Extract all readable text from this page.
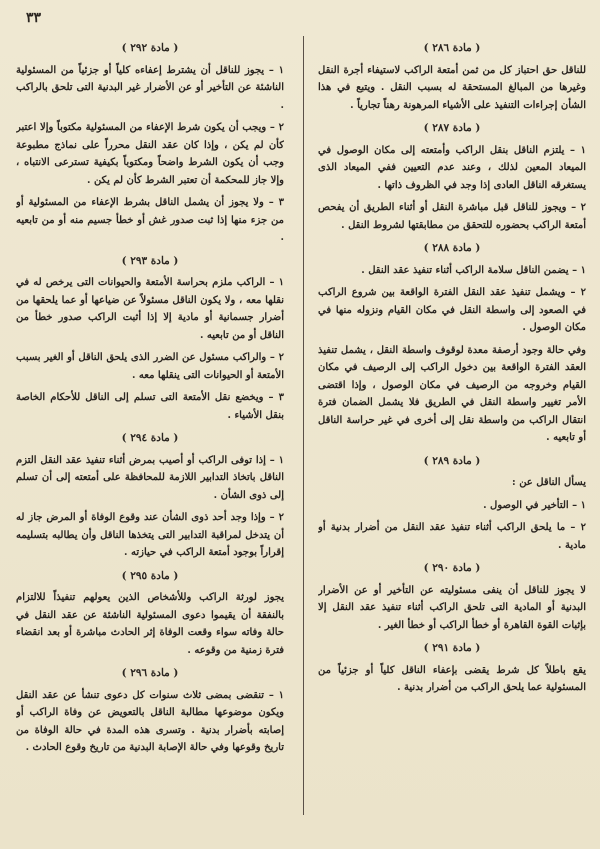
٣٣
( مادة ٢٨٦ )
للناقل حق احتباز كل من ثمن أمتعة الراكب لاستيفاء أجرة النقل وغيرها من المبالغ المستحقة له بسبب النقل . ويتبع في هذا الشأن إجراءات التنفيذ على الأشياء المرهونة رهناً تجارياً .
( مادة ٢٨٧ )
١ – يلتزم الناقل بنقل الراكب وأمتعته إلى مكان الوصول في الميعاد المعين لذلك ، وعند عدم التعيين ففي الميعاد الذى يستغرقه الناقل العادى إذا وجد في الظروف ذاتها .
٢ – ويجوز للناقل قبل مباشرة النقل أو أثناء الطريق أن يفحص أمتعة الراكب بحضوره للتحقق من مطابقتها لشروط النقل .
( مادة ٢٨٨ )
١ – يضمن الناقل سلامة الراكب أثناء تنفيذ عقد النقل .
٢ – ويشمل تنفيذ عقد النقل الفترة الواقعة بين شروع الراكب في الصعود إلى واسطة النقل في مكان القيام ونزوله منها في مكان الوصول .
وفي حالة وجود أرصفة معدة لوقوف واسطة النقل ، يشمل تنفيذ العقد الفترة الواقعة بين دخول الراكب إلى الرصيف في مكان القيام وخروجه من الرصيف في مكان الوصول ، وإذا اقتضى الأمر تغيير واسطة النقل في الطريق فلا يشمل الضمان فترة انتقال الراكب من واسطة نقل إلى أخرى في غير حراسة الناقل أو تابعيه .
( مادة ٢٨٩ )
يسأل الناقل عن :
١ – التأخير في الوصول .
٢ – ما يلحق الراكب أثناء تنفيذ عقد النقل من أضرار بدنية أو مادية .
( مادة ٢٩٠ )
لا يجوز للناقل أن ينفى مسئوليته عن التأخير أو عن الأضرار البدنية أو المادية التى تلحق الراكب أثناء تنفيذ عقد النقل إلا بإثبات القوة القاهرة أو خطأ الراكب أو خطأ الغير .
( مادة ٢٩١ )
يقع باطلاً كل شرط يقضى بإعفاء الناقل كلياً أو جزئياً من المسئولية عما يلحق الراكب من أضرار بدنية .
( مادة ٢٩٢ )
١ – يجوز للناقل أن يشترط إعفاءه كلياً أو جزئياً من المسئولية الناشئة عن التأخير أو عن الأضرار غير البدنية التى تلحق بالراكب .
٢ – ويجب أن يكون شرط الإعفاء من المسئولية مكتوباً وإلا اعتبر كأن لم يكن ، وإذا كان عقد النقل محرراً على نماذج مطبوعة وجب أن يكون الشرط واضحاً ومكتوباً بكيفية تسترعى الانتباه ، وإلا جاز للمحكمة أن تعتبر الشرط كأن لم يكن .
٣ – ولا يجوز أن يشمل الناقل بشرط الإعفاء من المسئولية أو من جزء منها إذا ثبت صدور غش أو خطأ جسيم منه أو من تابعيه .
( مادة ٢٩٣ )
١ – الراكب ملزم بحراسة الأمتعة والحيوانات التى يرخص له في نقلها معه ، ولا يكون الناقل مسئولاً عن ضياعها أو عما يلحقها من أضرار جسمانية أو مادية إلا إذا أثبت الراكب صدور خطأ من الناقل أو من تابعيه .
٢ – والراكب مسئول عن الضرر الذى يلحق الناقل أو الغير بسبب الأمتعة أو الحيوانات التى ينقلها معه .
٣ – ويخضع نقل الأمتعة التى تسلم إلى الناقل للأحكام الخاصة بنقل الأشياء .
( مادة ٢٩٤ )
١ – إذا توفى الراكب أو أصيب بمرض أثناء تنفيذ عقد النقل التزم الناقل باتخاذ التدابير اللازمة للمحافظة على أمتعته إلى أن تسلم إلى ذوى الشأن .
٢ – وإذا وجد أحد ذوى الشأن عند وقوع الوفاة أو المرض جاز له أن يتدخل لمراقبة التدابير التى يتخذها الناقل وأن يطالبه بتسليمه إقراراً بوجود أمتعة الراكب في حيازته .
( مادة ٢٩٥ )
يجوز لورثة الراكب وللأشخاص الذين يعولهم تنفيذاً للالتزام بالنفقة أن يقيموا دعوى المسئولية الناشئة عن عقد النقل في حالة وفاته سواء وقعت الوفاة إثر الحادث مباشرة أو بعد انقضاء فترة زمنية من وقوعه .
( مادة ٢٩٦ )
١ – تنقضى بمضى ثلاث سنوات كل دعوى تنشأ عن عقد النقل ويكون موضوعها مطالبة الناقل بالتعويض عن وفاة الراكب أو إصابته بأضرار بدنية . وتسرى هذه المدة في حالة الوفاة من تاريخ وقوعها وفي حالة الإصابة البدنية من تاريخ وقوع الحادث .
